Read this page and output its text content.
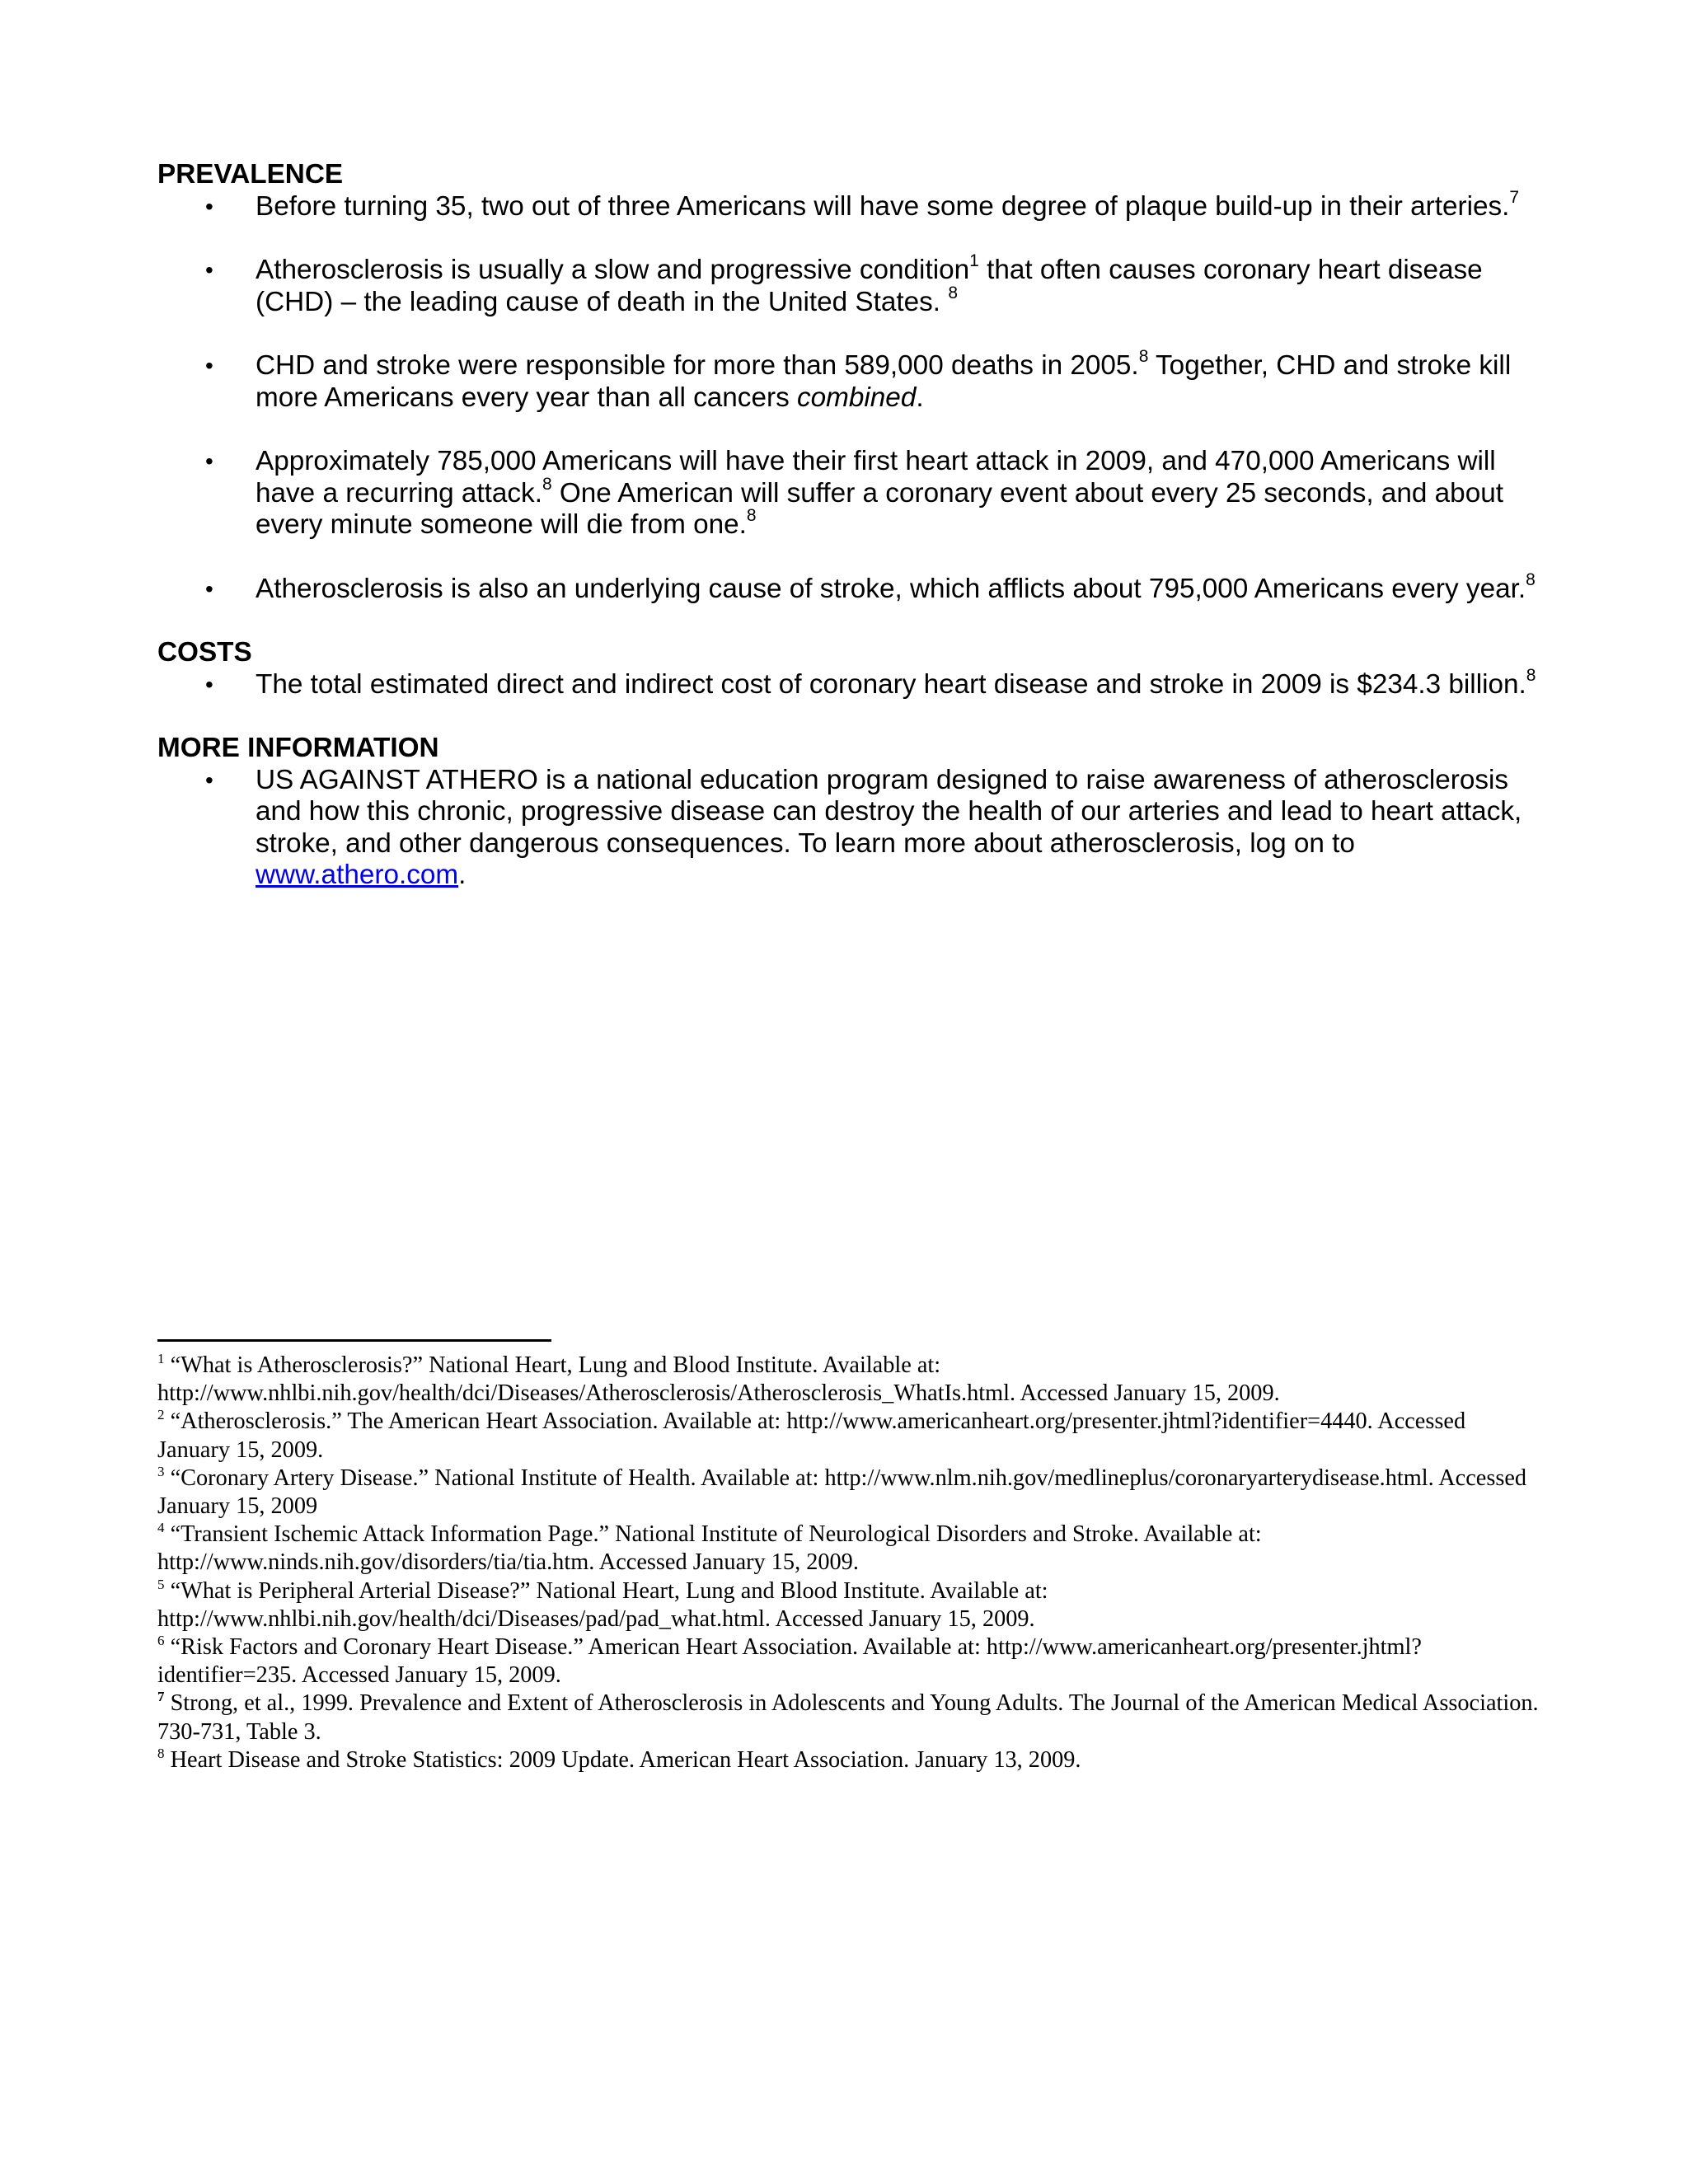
PREVALENCE
• Before turning 35, two out of three Americans will have some degree of plaque build-up in their arteries.$^7$
• Atherosclerosis is usually a slow and progressive condition$^1$ that often causes coronary heart disease (CHD) – the leading cause of death in the United States. $^8$
• CHD and stroke were responsible for more than 589,000 deaths in 2005.$^8$ Together, CHD and stroke kill more Americans every year than all cancers combined.
• Approximately 785,000 Americans will have their first heart attack in 2009, and 470,000 Americans will have a recurring attack.$^8$ One American will suffer a coronary event about every 25 seconds, and about every minute someone will die from one.$^8$
• Atherosclerosis is also an underlying cause of stroke, which afflicts about 795,000 Americans every year.$^8$
COSTS
• The total estimated direct and indirect cost of coronary heart disease and stroke in 2009 is $234.3 billion.$^8$
MORE INFORMATION
• US AGAINST ATHERO is a national education program designed to raise awareness of atherosclerosis and how this chronic, progressive disease can destroy the health of our arteries and lead to heart attack, stroke, and other dangerous consequences. To learn more about atherosclerosis, log on to www.athero.com.
$^1$ “What is Atherosclerosis?” National Heart, Lung and Blood Institute. Available at: http://www.nhlbi.nih.gov/health/dci/Diseases/Atherosclerosis/Atherosclerosis_WhatIs.html. Accessed January 15, 2009.
$^2$ “Atherosclerosis.” The American Heart Association. Available at: http://www.americanheart.org/presenter.jhtml?identifier=4440. Accessed January 15, 2009.
$^3$ “Coronary Artery Disease.” National Institute of Health. Available at: http://www.nlm.nih.gov/medlineplus/coronaryarterydisease.html. Accessed January 15, 2009
$^4$ “Transient Ischemic Attack Information Page.” National Institute of Neurological Disorders and Stroke. Available at: http://www.ninds.nih.gov/disorders/tia/tia.htm. Accessed January 15, 2009.
$^5$ “What is Peripheral Arterial Disease?” National Heart, Lung and Blood Institute. Available at: http://www.nhlbi.nih.gov/health/dci/Diseases/pad/pad_what.html. Accessed January 15, 2009.
$^6$ “Risk Factors and Coronary Heart Disease.” American Heart Association. Available at: http://www.americanheart.org/presenter.jhtml?identifier=235. Accessed January 15, 2009.
$^7$ Strong, et al., 1999. Prevalence and Extent of Atherosclerosis in Adolescents and Young Adults. The Journal of the American Medical Association. 730-731, Table 3.
$^8$ Heart Disease and Stroke Statistics: 2009 Update. American Heart Association. January 13, 2009.
